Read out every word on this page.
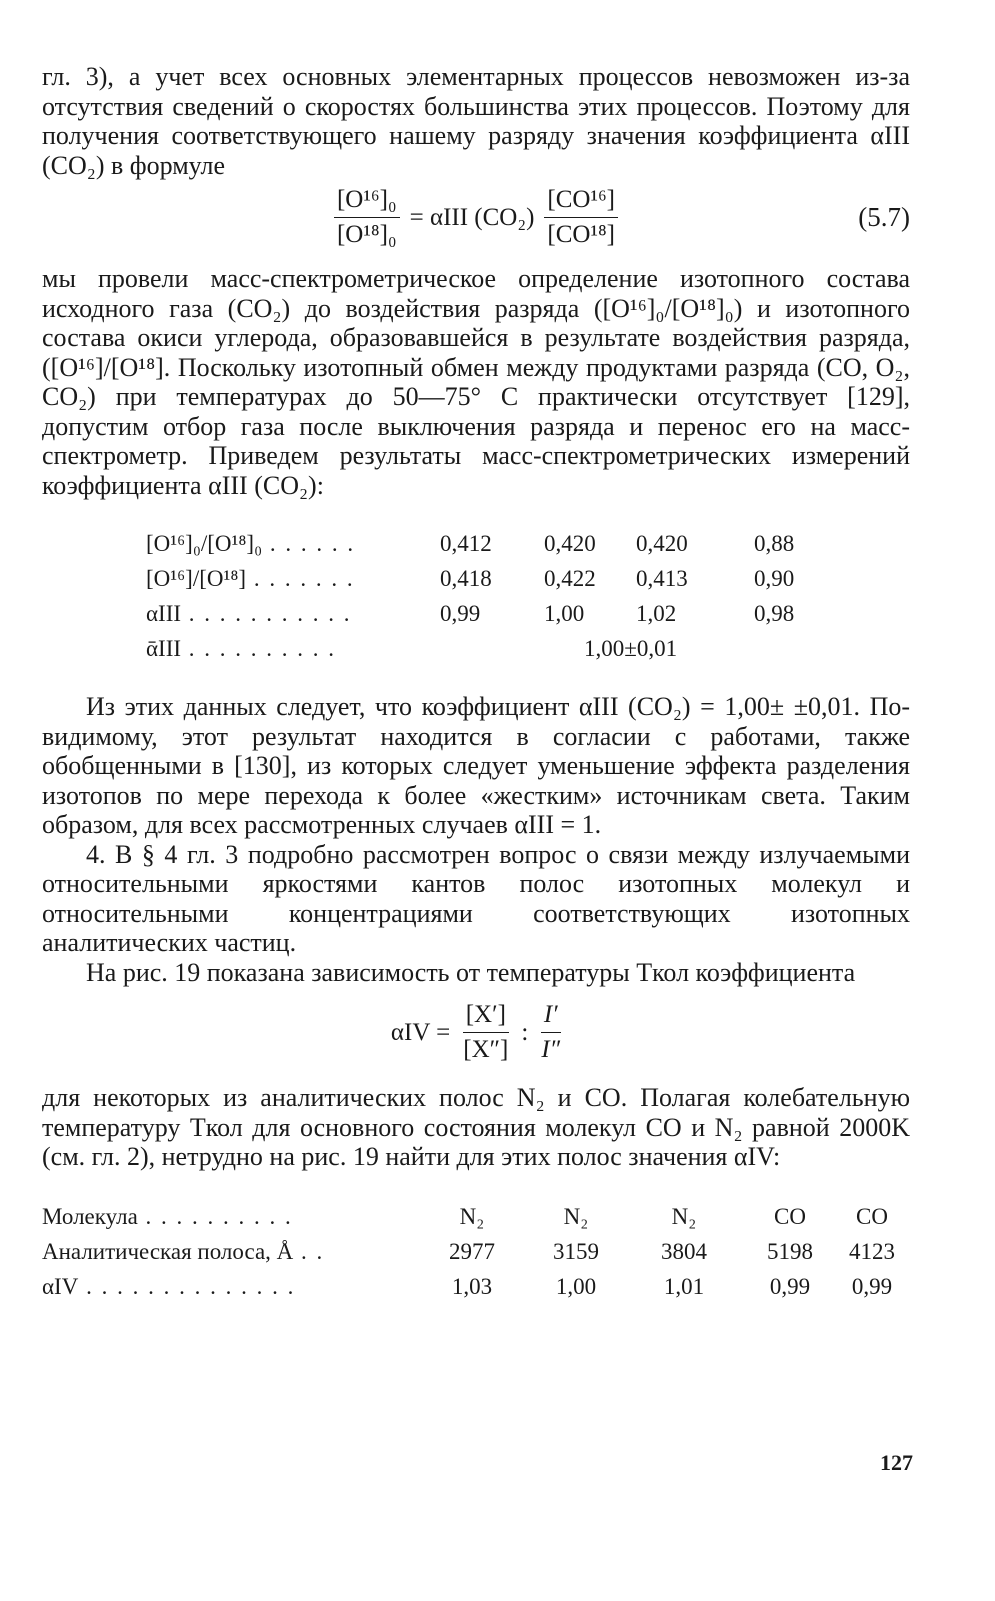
гл. 3), а учет всех основных элементарных процессов невозможен из-за отсутствия сведений о скоростях большинства этих процессов. Поэтому для получения соответствующего нашему разряду значения коэффициента αIII (CO₂) в формуле

$\frac{\text{[O¹⁶]₀}}{\text{[O¹⁸]₀}} = \alpha III$ $(CO_2) \frac{\text{[CO¹⁶]}}{\text{[CO¹⁸]}}$	(5.7)

мы провели масс-спектрометрическое определение изотопного состава исходного газа (CO₂) до воздействия разряда ([O¹⁶]₀/[O¹⁸]₀) и изотопного состава окиси углерода, образовавшейся в результате воздействия разряда, ([O¹⁶]/[O¹⁸]. Поскольку изотопный обмен между продуктами разряда (CO, O₂, CO₂) при температурах до 50—75° С практически отсутствует [129], допустим отбор газа после выключения разряда и перенос его на масс-спектрометр. Приведем результаты масс-спектрометрических измерений коэффициента αIII (CO₂):

[O¹⁶]₀/[O¹⁸]₀ . . . . . .	0,412	0,420	0,420	0,88
[O¹⁶]/[O¹⁸] . . . . . . .	0,418	0,422	0,413	0,90
αIII . . . . . . . . . . .	0,99	1,00	1,02	0,98
ᾱIII . . . . . . . . . .		1,00±0,01		

Из этих данных следует, что коэффициент αIII (CO₂) = 1,00± ±0,01. По-видимому, этот результат находится в согласии с работами, также обобщенными в [130], из которых следует уменьшение эффекта разделения изотопов по мере перехода к более «жестким» источникам света. Таким образом, для всех рассмотренных случаев αIII = 1.

4. В § 4 гл. 3 подробно рассмотрен вопрос о связи между излучаемыми относительными яркостями кантов полос изотопных молекул и относительными концентрациями соответствующих изотопных аналитических частиц.

На рис. 19 показана зависимость от температуры Tкол коэффициента

$\alpha IV = \frac{[X']}{[X'']}$ : $\frac{I'}{I''}$

для некоторых из аналитических полос N₂ и CO. Полагая колебательную температуру Tкол для основного состояния молекул CO и N₂ равной 2000K (см. гл. 2), нетрудно на рис. 19 найти для этих полос значения αIV:

Молекула . . . . . . . . . .	N₂	N₂	N₂	CO	CO
Аналитическая полоса, Å . .	2977	3159	3804	5198	4123
αIV . . . . . . . . . . . . . .	1,03	1,00	1,01	0,99	0,99
127
